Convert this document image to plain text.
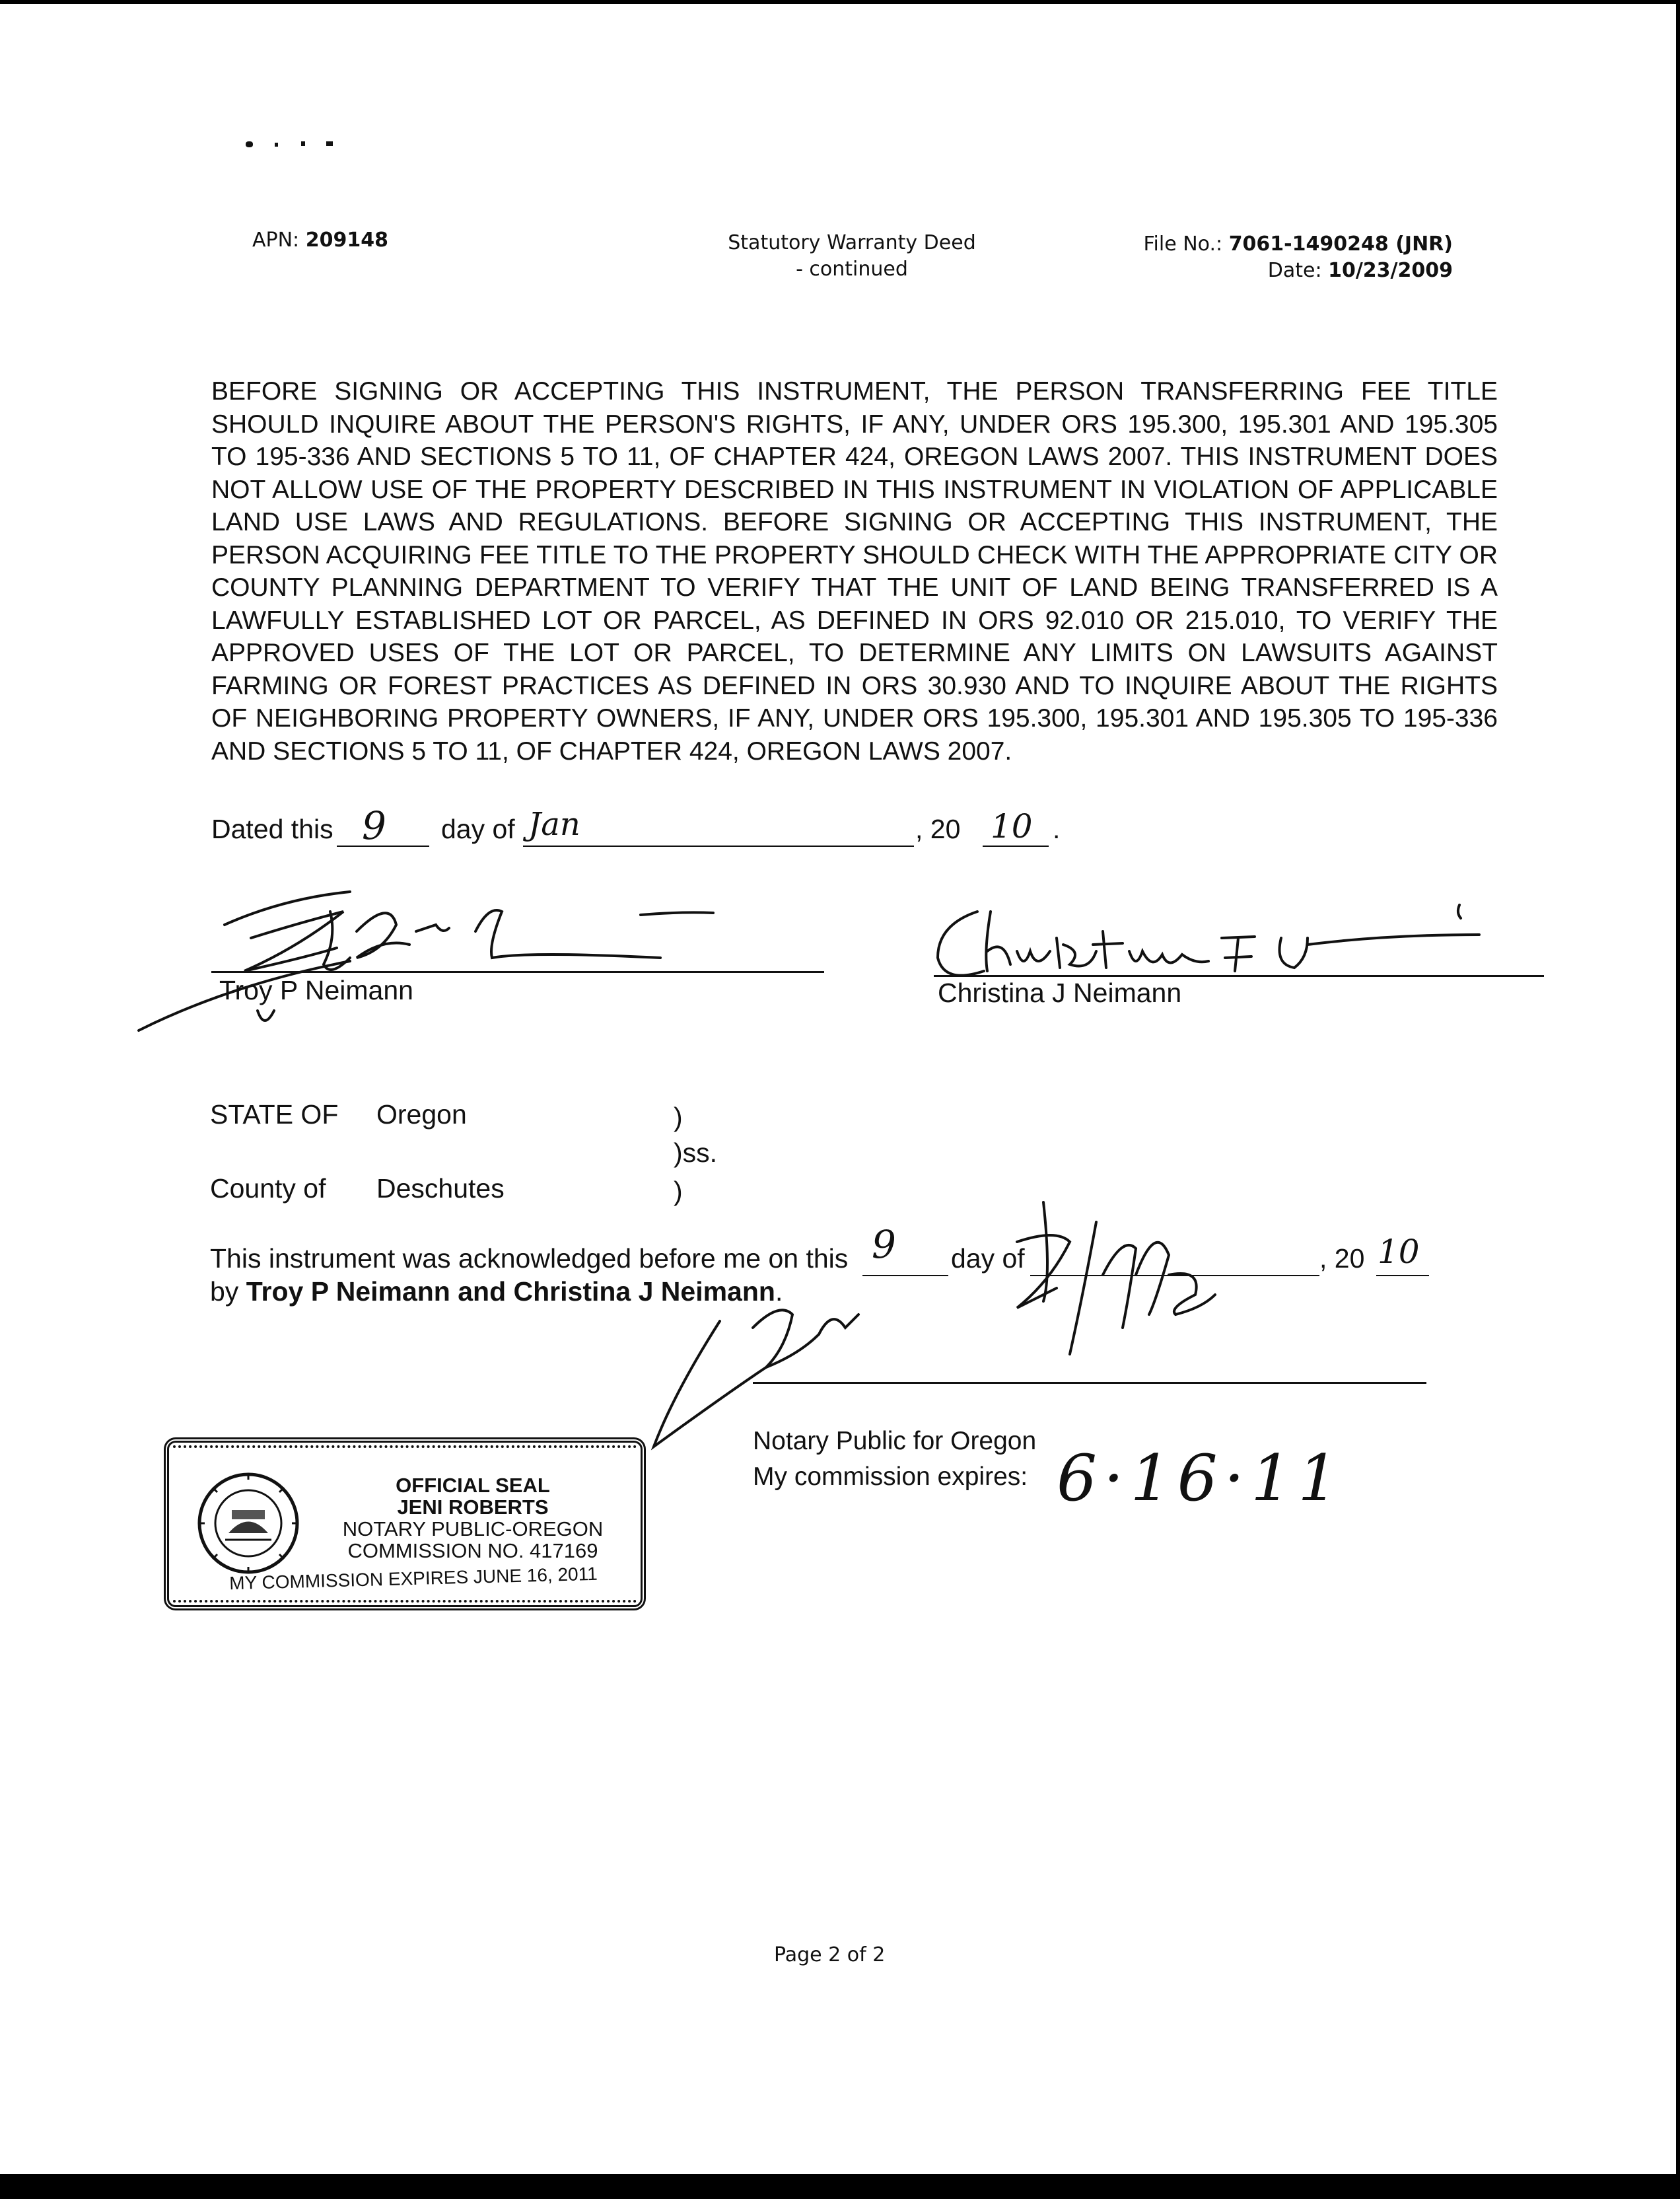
APN: 209148	Statutory Warranty Deed
- continued
File No.: 7061-1490248 (JNR)
Date: 10/23/2009
BEFORE SIGNING OR ACCEPTING THIS INSTRUMENT, THE PERSON TRANSFERRING FEE TITLE SHOULD INQUIRE ABOUT THE PERSON'S RIGHTS, IF ANY, UNDER ORS 195.300, 195.301 AND 195.305 TO 195-336 AND SECTIONS 5 TO 11, OF CHAPTER 424, OREGON LAWS 2007. THIS INSTRUMENT DOES NOT ALLOW USE OF THE PROPERTY DESCRIBED IN THIS INSTRUMENT IN VIOLATION OF APPLICABLE LAND USE LAWS AND REGULATIONS. BEFORE SIGNING OR ACCEPTING THIS INSTRUMENT, THE PERSON ACQUIRING FEE TITLE TO THE PROPERTY SHOULD CHECK WITH THE APPROPRIATE CITY OR COUNTY PLANNING DEPARTMENT TO VERIFY THAT THE UNIT OF LAND BEING TRANSFERRED IS A LAWFULLY ESTABLISHED LOT OR PARCEL, AS DEFINED IN ORS 92.010 OR 215.010, TO VERIFY THE APPROVED USES OF THE LOT OR PARCEL, TO DETERMINE ANY LIMITS ON LAWSUITS AGAINST FARMING OR FOREST PRACTICES AS DEFINED IN ORS 30.930 AND TO INQUIRE ABOUT THE RIGHTS OF NEIGHBORING PROPERTY OWNERS, IF ANY, UNDER ORS 195.300, 195.301 AND 195.305 TO 195-336 AND SECTIONS 5 TO 11, OF CHAPTER 424, OREGON LAWS 2007.
Dated this 9 day of Jan	, 20 10 .
Troy P Neimann	Christina J Neimann
STATE OF Oregon	)
)ss.
County of Deschutes	)
This instrument was acknowledged before me on this 9 day of	, 20 10
by Troy P Neimann and Christina J Neimann.
Notary Public for Oregon
My commission expires: 6·16·11
OFFICIAL SEAL
JENI ROBERTS
NOTARY PUBLIC-OREGON
COMMISSION NO. 417169
MY COMMISSION EXPIRES JUNE 16, 2011
Page 2 of 2
